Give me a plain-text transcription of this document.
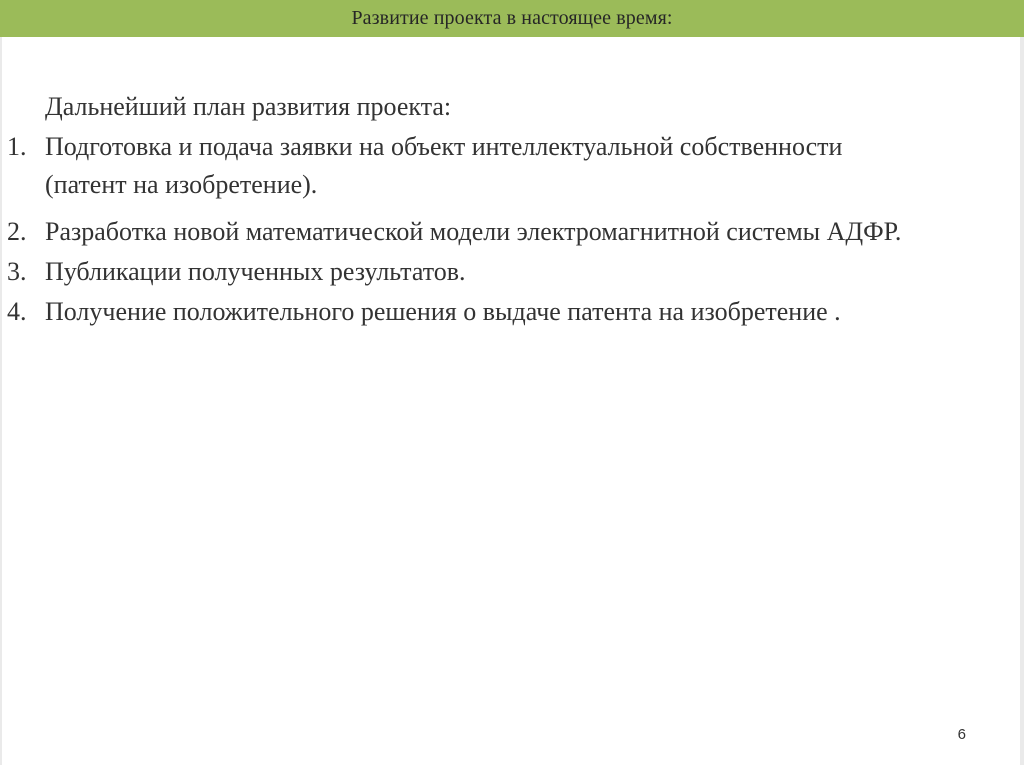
Развитие проекта в настоящее время:
Дальнейший план развития проекта:
1. Подготовка и подача заявки на объект интеллектуальной собственности
(патент на изобретение).
2. Разработка новой математической модели электромагнитной системы АДФР.
3. Публикации полученных результатов.
4. Получение положительного решения о выдаче патента на изобретение .
6
